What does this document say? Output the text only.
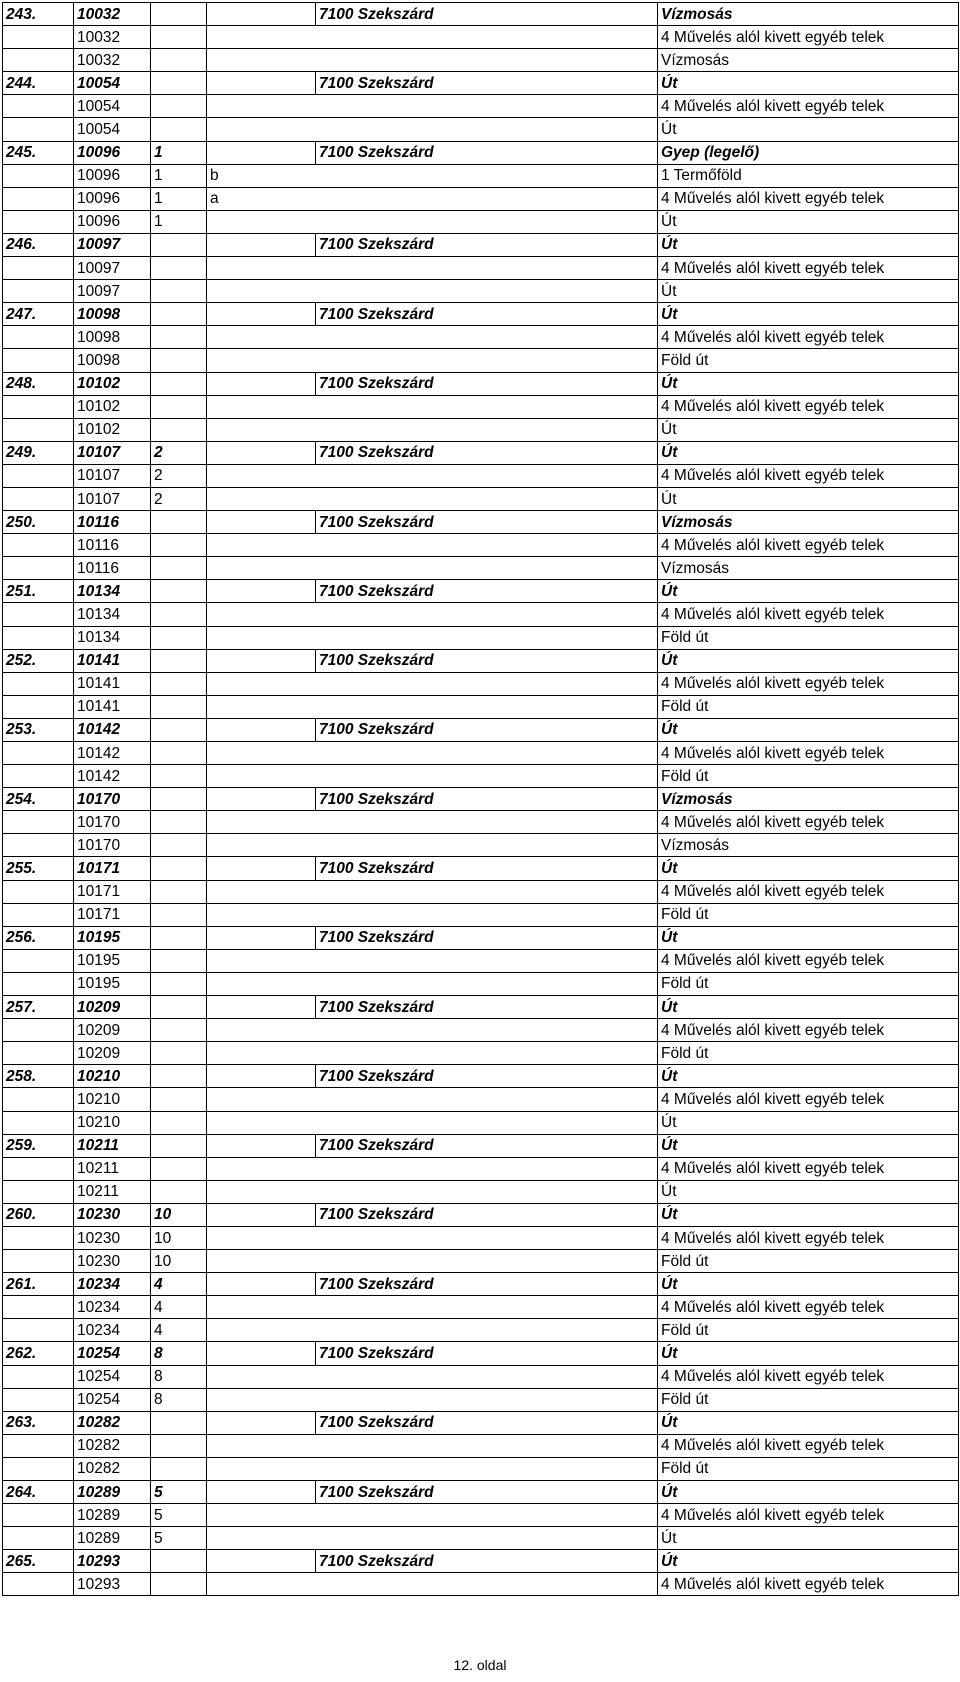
243.	10032			7100 Szekszárd	Vízmosás
	10032				4 Művelés alól kivett egyéb telek
	10032				Vízmosás
244.	10054			7100 Szekszárd	Út
	10054				4 Művelés alól kivett egyéb telek
	10054				Út
245.	10096	1		7100 Szekszárd	Gyep (legelő)
	10096	1	b		1 Termőföld
	10096	1	a		4 Művelés alól kivett egyéb telek
	10096	1			Út
246.	10097			7100 Szekszárd	Út
	10097				4 Művelés alól kivett egyéb telek
	10097				Út
247.	10098			7100 Szekszárd	Út
	10098				4 Művelés alól kivett egyéb telek
	10098				Föld út
248.	10102			7100 Szekszárd	Út
	10102				4 Művelés alól kivett egyéb telek
	10102				Út
249.	10107	2		7100 Szekszárd	Út
	10107	2			4 Művelés alól kivett egyéb telek
	10107	2			Út
250.	10116			7100 Szekszárd	Vízmosás
	10116				4 Művelés alól kivett egyéb telek
	10116				Vízmosás
251.	10134			7100 Szekszárd	Út
	10134				4 Művelés alól kivett egyéb telek
	10134				Föld út
252.	10141			7100 Szekszárd	Út
	10141				4 Művelés alól kivett egyéb telek
	10141				Föld út
253.	10142			7100 Szekszárd	Út
	10142				4 Művelés alól kivett egyéb telek
	10142				Föld út
254.	10170			7100 Szekszárd	Vízmosás
	10170				4 Művelés alól kivett egyéb telek
	10170				Vízmosás
255.	10171			7100 Szekszárd	Út
	10171				4 Művelés alól kivett egyéb telek
	10171				Föld út
256.	10195			7100 Szekszárd	Út
	10195				4 Művelés alól kivett egyéb telek
	10195				Föld út
257.	10209			7100 Szekszárd	Út
	10209				4 Művelés alól kivett egyéb telek
	10209				Föld út
258.	10210			7100 Szekszárd	Út
	10210				4 Művelés alól kivett egyéb telek
	10210				Út
259.	10211			7100 Szekszárd	Út
	10211				4 Művelés alól kivett egyéb telek
	10211				Út
260.	10230	10		7100 Szekszárd	Út
	10230	10			4 Művelés alól kivett egyéb telek
	10230	10			Föld út
261.	10234	4		7100 Szekszárd	Út
	10234	4			4 Művelés alól kivett egyéb telek
	10234	4			Föld út
262.	10254	8		7100 Szekszárd	Út
	10254	8			4 Művelés alól kivett egyéb telek
	10254	8			Föld út
263.	10282			7100 Szekszárd	Út
	10282				4 Művelés alól kivett egyéb telek
	10282				Föld út
264.	10289	5		7100 Szekszárd	Út
	10289	5			4 Művelés alól kivett egyéb telek
	10289	5			Út
265.	10293			7100 Szekszárd	Út
	10293				4 Művelés alól kivett egyéb telek
12. oldal
